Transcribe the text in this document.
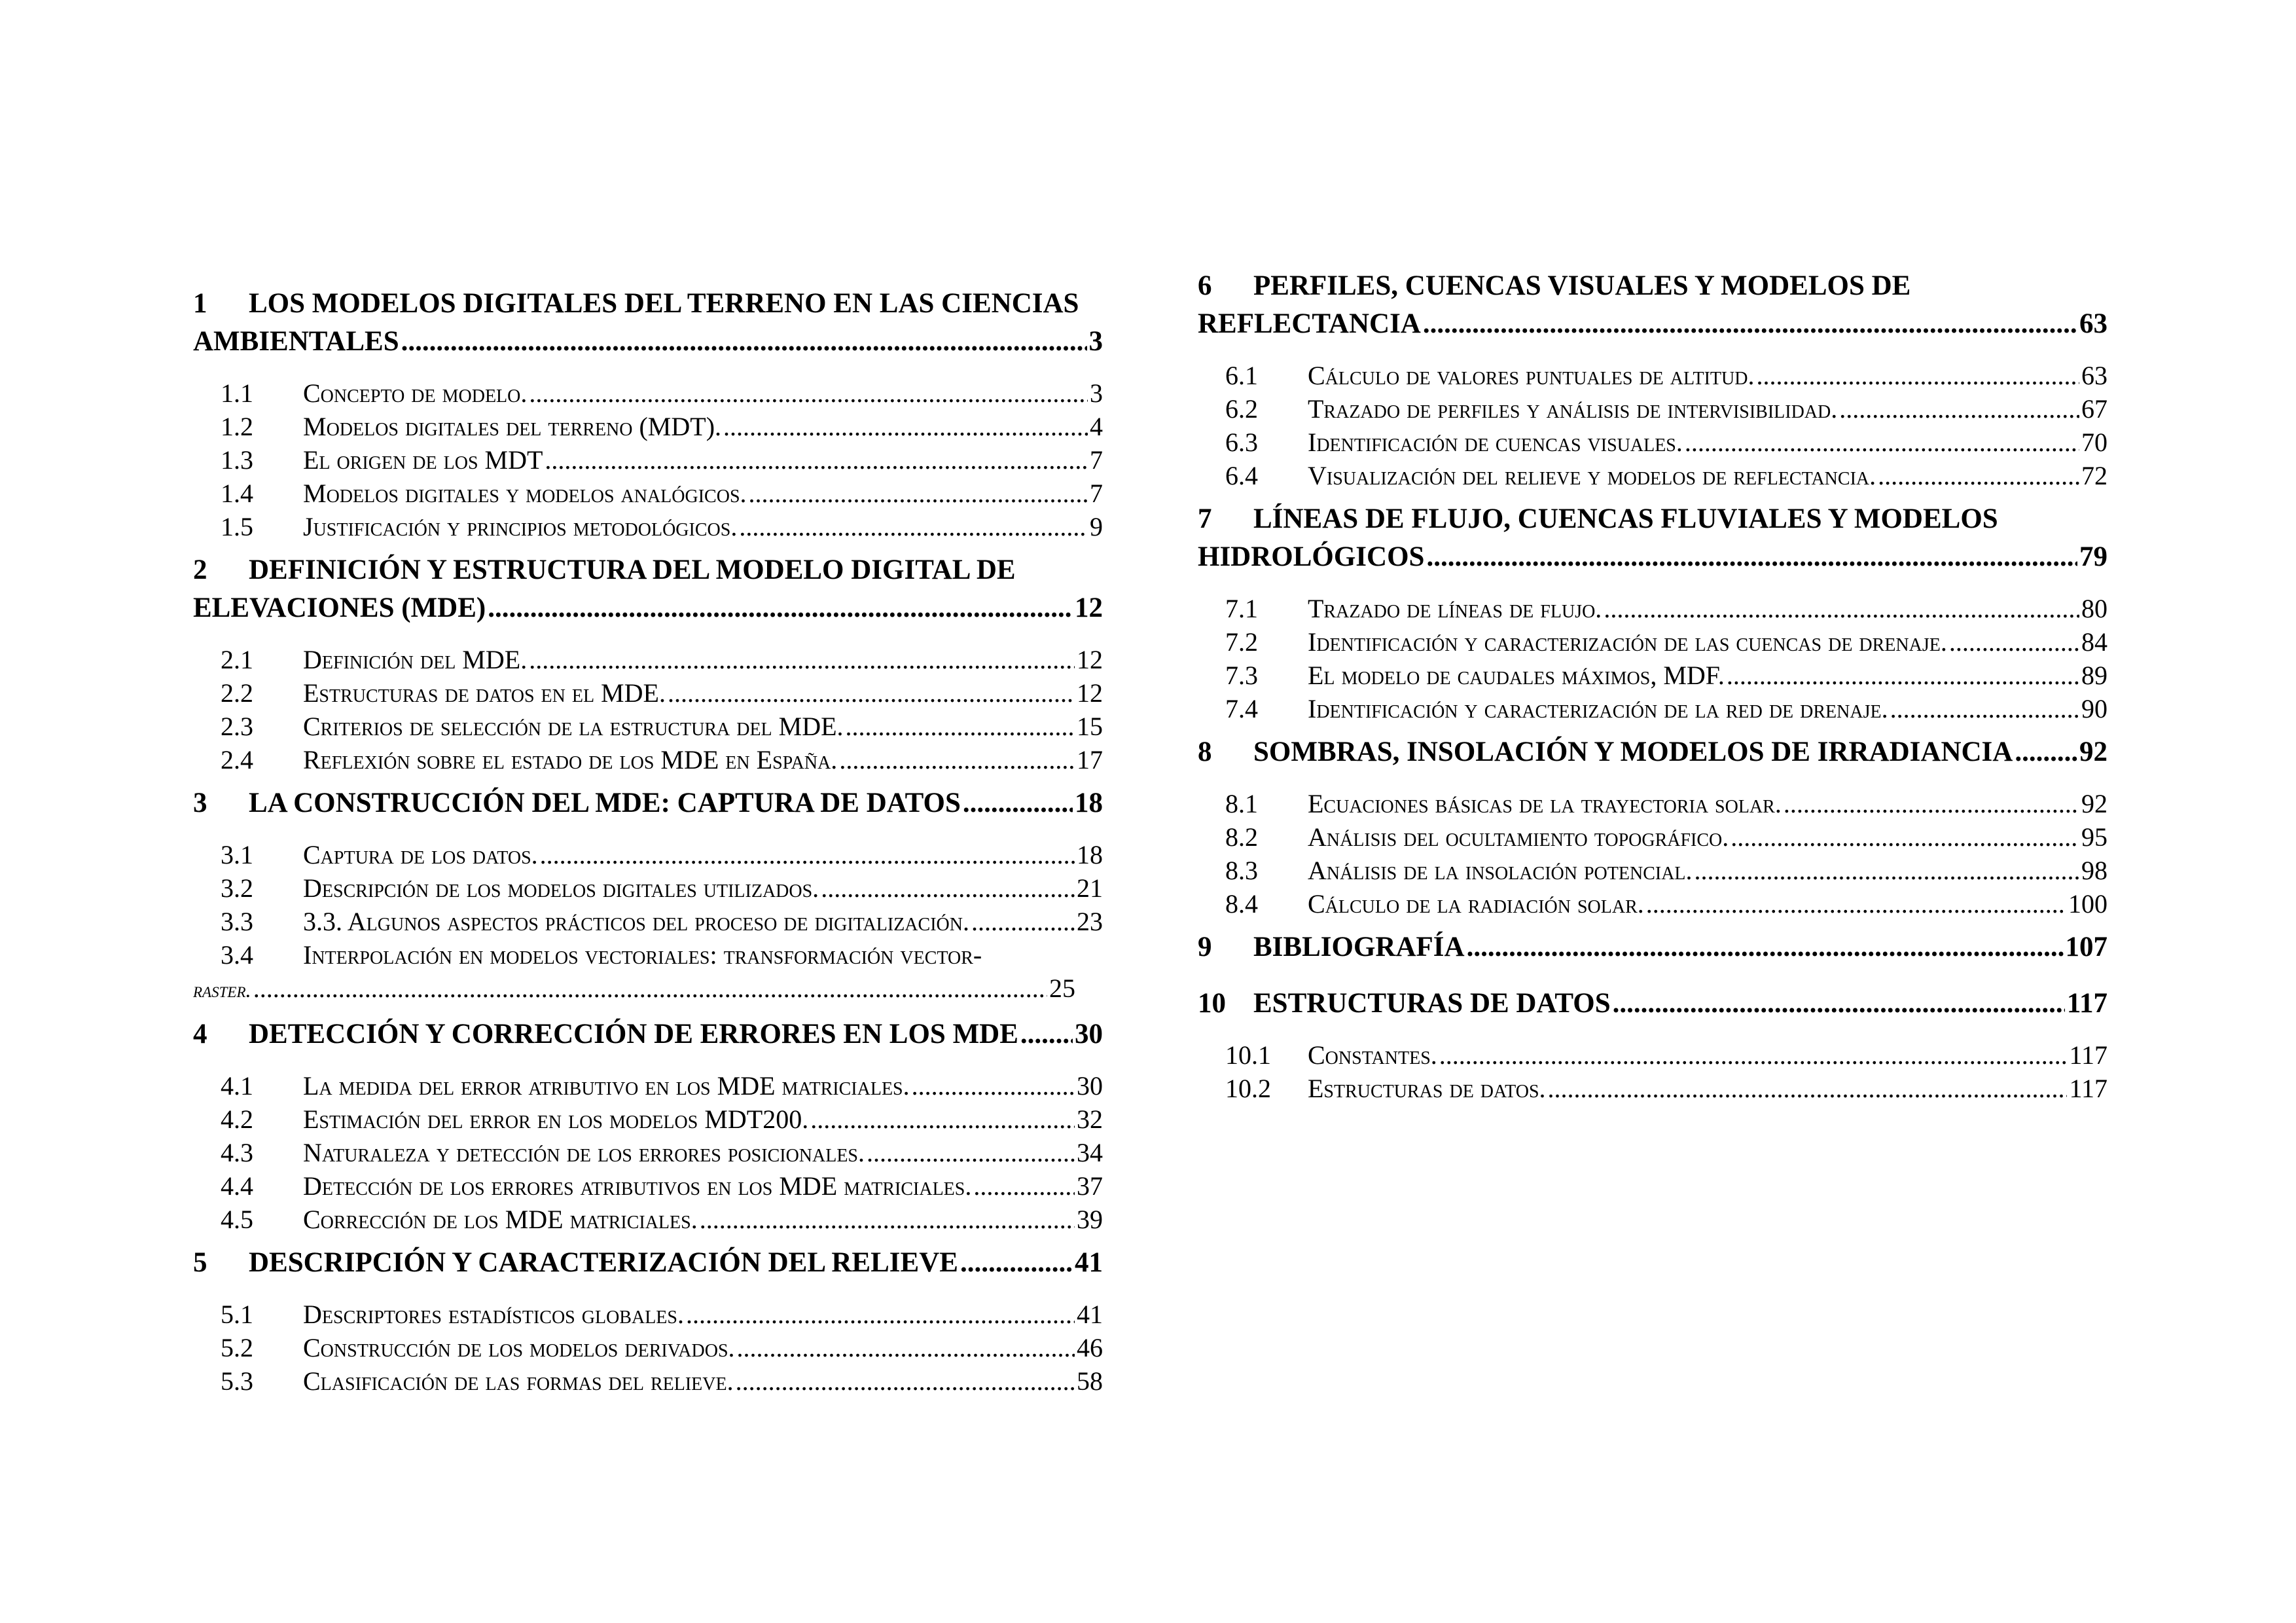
1 LOS MODELOS DIGITALES DEL TERRENO EN LAS CIENCIAS
AMBIENTALES .....	3
1.1 Concepto de modelo. .....	3
1.2 Modelos digitales del terreno (MDT). .....	4
1.3 El origen de los MDT .....	7
1.4 Modelos digitales y modelos analógicos. .....	7
1.5 Justificación y principios metodológicos. .....	9
2 DEFINICIÓN Y ESTRUCTURA DEL MODELO DIGITAL DE
ELEVACIONES (MDE) .....	12
2.1 Definición del MDE. .....	12
2.2 Estructuras de datos en el MDE. .....	12
2.3 Criterios de selección de la estructura del MDE. .....	15
2.4 Reflexión sobre el estado de los MDE en España. .....	17
3 LA CONSTRUCCIÓN DEL MDE: CAPTURA DE DATOS .....	18
3.1 Captura de los datos. .....	18
3.2 Descripción de los modelos digitales utilizados. .....	21
3.3 3.3. Algunos aspectos prácticos del proceso de digitalización. .....	23
3.4 Interpolación en modelos vectoriales: transformación vector-
raster. .....	25
4 DETECCIÓN Y CORRECCIÓN DE ERRORES EN LOS MDE ..... 30
4.1 La medida del error atributivo en los MDE matriciales. .....	30
4.2 Estimación del error en los modelos MDT200. .....	32
4.3 Naturaleza y detección de los errores posicionales. .....	34
4.4 Detección de los errores atributivos en los MDE matriciales. .....	37
4.5 Corrección de los MDE matriciales. .....	39
5 DESCRIPCIÓN Y CARACTERIZACIÓN DEL RELIEVE .....	41
5.1 Descriptores estadísticos globales. .....	41
5.2 Construcción de los modelos derivados. .....	46
5.3 Clasificación de las formas del relieve. .....	58
6 PERFILES, CUENCAS VISUALES Y MODELOS DE
REFLECTANCIA .....	63
6.1 Cálculo de valores puntuales de altitud. .....	63
6.2 Trazado de perfiles y análisis de intervisibilidad. .....	67
6.3 Identificación de cuencas visuales. .....	70
6.4 Visualización del relieve y modelos de reflectancia. .....	72
7 LÍNEAS DE FLUJO, CUENCAS FLUVIALES Y MODELOS
HIDROLÓGICOS .....	79
7.1 Trazado de líneas de flujo. .....	80
7.2 Identificación y caracterización de las cuencas de drenaje. .....	84
7.3 El modelo de caudales máximos, MDF. .....	89
7.4 Identificación y caracterización de la red de drenaje. .....	90
8 SOMBRAS, INSOLACIÓN Y MODELOS DE IRRADIANCIA ..... 92
8.1 Ecuaciones básicas de la trayectoria solar. .....	92
8.2 Análisis del ocultamiento topográfico. .....	95
8.3 Análisis de la insolación potencial. .....	98
8.4 Cálculo de la radiación solar. .....	100
9 BIBLIOGRAFÍA .....	107
10 ESTRUCTURAS DE DATOS .....	117
10.1 Constantes. .....	117
10.2 Estructuras de datos. .....	117
